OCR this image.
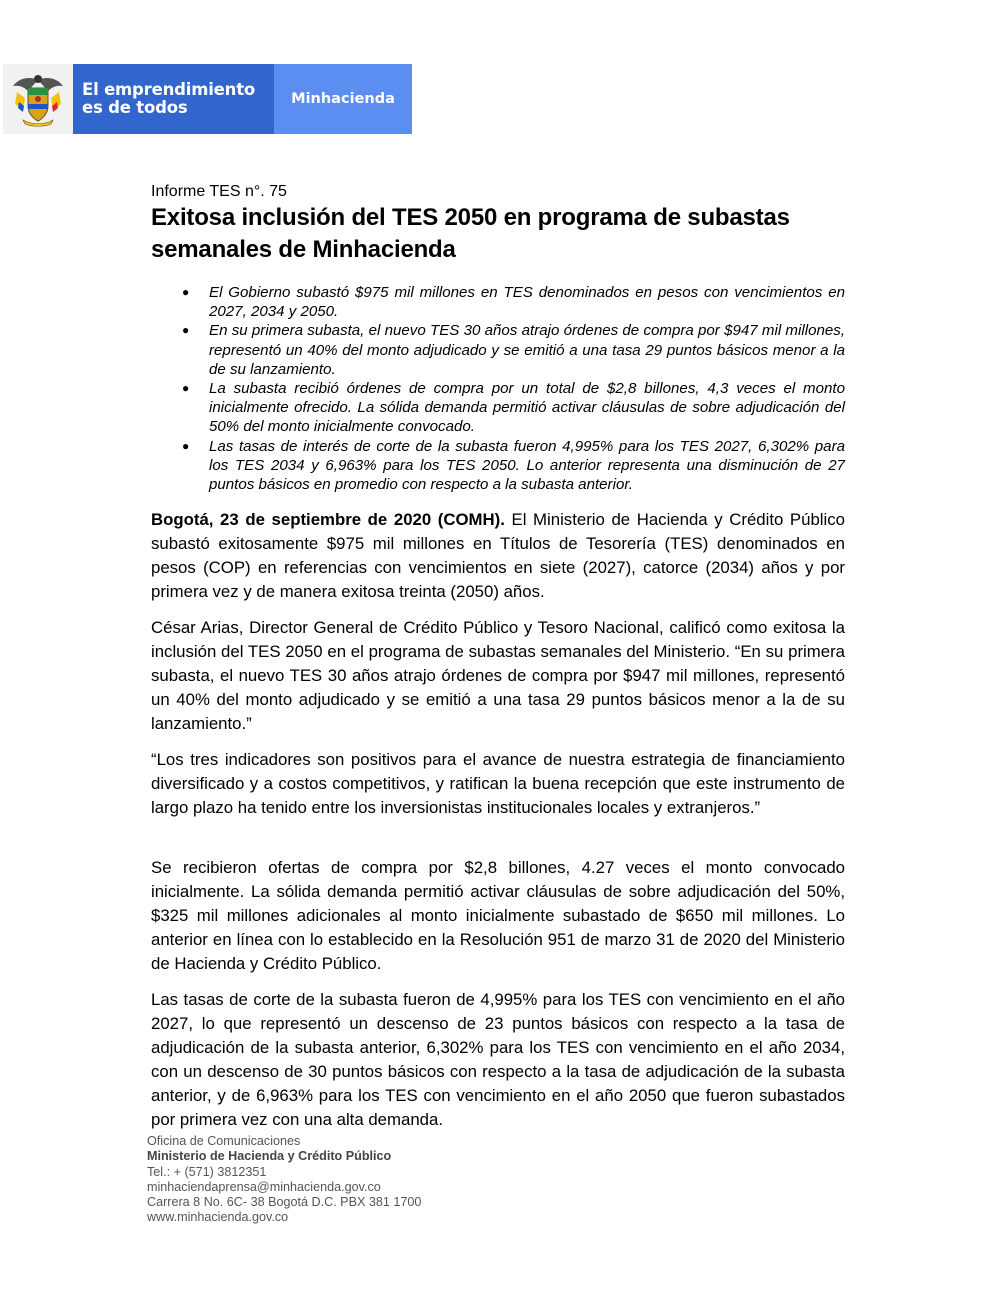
El emprendimiento
es de todos	Minhacienda
Informe TES n°. 75
Exitosa inclusión del TES 2050 en programa de subastas semanales de Minhacienda
● El Gobierno subastó $975 mil millones en TES denominados en pesos con vencimientos en 2027, 2034 y 2050.
● En su primera subasta, el nuevo TES 30 años atrajo órdenes de compra por $947 mil millones, representó un 40% del monto adjudicado y se emitió a una tasa 29 puntos básicos menor a la de su lanzamiento.
● La subasta recibió órdenes de compra por un total de $2,8 billones, 4,3 veces el monto inicialmente ofrecido. La sólida demanda permitió activar cláusulas de sobre adjudicación del 50% del monto inicialmente convocado.
● Las tasas de interés de corte de la subasta fueron 4,995% para los TES 2027, 6,302% para los TES 2034 y 6,963% para los TES 2050. Lo anterior representa una disminución de 27 puntos básicos en promedio con respecto a la subasta anterior.

Bogotá, 23 de septiembre de 2020 (COMH). El Ministerio de Hacienda y Crédito Público subastó exitosamente $975 mil millones en Títulos de Tesorería (TES) denominados en pesos (COP) en referencias con vencimientos en siete (2027), catorce (2034) años y por primera vez y de manera exitosa treinta (2050) años.

César Arias, Director General de Crédito Público y Tesoro Nacional, calificó como exitosa la inclusión del TES 2050 en el programa de subastas semanales del Ministerio. “En su primera subasta, el nuevo TES 30 años atrajo órdenes de compra por $947 mil millones, representó un 40% del monto adjudicado y se emitió a una tasa 29 puntos básicos menor a la de su lanzamiento.”

“Los tres indicadores son positivos para el avance de nuestra estrategia de financiamiento diversificado y a costos competitivos, y ratifican la buena recepción que este instrumento de largo plazo ha tenido entre los inversionistas institucionales locales y extranjeros.”

Se recibieron ofertas de compra por $2,8 billones, 4.27 veces el monto convocado inicialmente. La sólida demanda permitió activar cláusulas de sobre adjudicación del 50%, $325 mil millones adicionales al monto inicialmente subastado de $650 mil millones. Lo anterior en línea con lo establecido en la Resolución 951 de marzo 31 de 2020 del Ministerio de Hacienda y Crédito Público.

Las tasas de corte de la subasta fueron de 4,995% para los TES con vencimiento en el año 2027, lo que representó un descenso de 23 puntos básicos con respecto a la tasa de adjudicación de la subasta anterior, 6,302% para los TES con vencimiento en el año 2034, con un descenso de 30 puntos básicos con respecto a la tasa de adjudicación de la subasta anterior, y de 6,963% para los TES con vencimiento en el año 2050 que fueron subastados por primera vez con una alta demanda.

Oficina de Comunicaciones
Ministerio de Hacienda y Crédito Público
Tel.: + (571) 3812351
minhaciendaprensa@minhacienda.gov.co
Carrera 8 No. 6C- 38 Bogotá D.C. PBX 381 1700
www.minhacienda.gov.co
